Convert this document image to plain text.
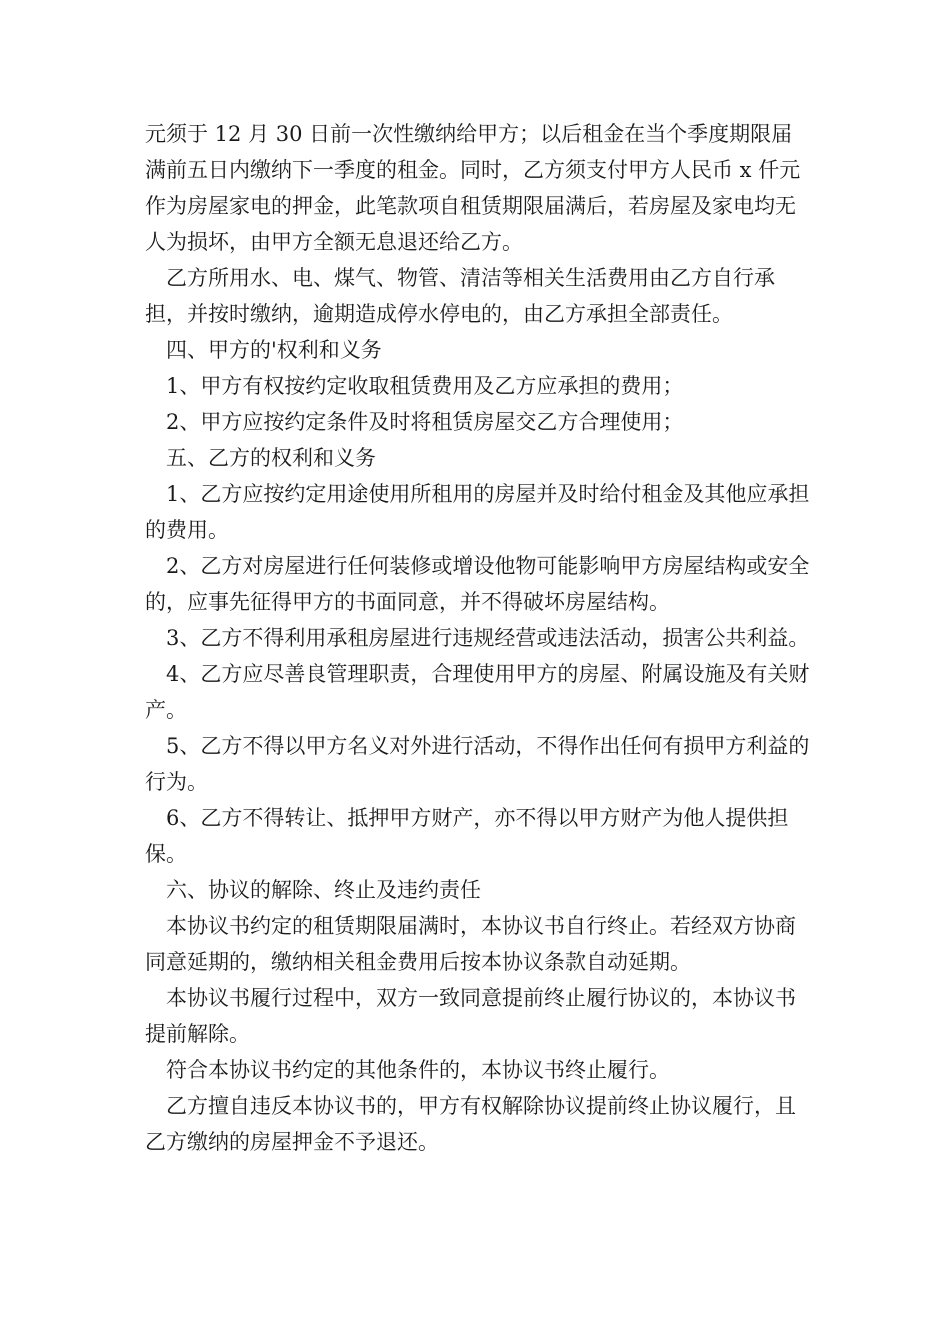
元须于 12 月 30 日前一次性缴纳给甲方；以后租金在当个季度期限届满前五日内缴纳下一季度的租金。同时，乙方须支付甲方人民币 x 仟元作为房屋家电的押金，此笔款项自租赁期限届满后，若房屋及家电均无人为损坏，由甲方全额无息退还给乙方。

乙方所用水、电、煤气、物管、清洁等相关生活费用由乙方自行承担，并按时缴纳，逾期造成停水停电的，由乙方承担全部责任。

四、甲方的'权利和义务

1、甲方有权按约定收取租赁费用及乙方应承担的费用；

2、甲方应按约定条件及时将租赁房屋交乙方合理使用；

五、乙方的权利和义务

1、乙方应按约定用途使用所租用的房屋并及时给付租金及其他应承担的费用。

2、乙方对房屋进行任何装修或增设他物可能影响甲方房屋结构或安全的，应事先征得甲方的书面同意，并不得破坏房屋结构。

3、乙方不得利用承租房屋进行违规经营或违法活动，损害公共利益。

4、乙方应尽善良管理职责，合理使用甲方的房屋、附属设施及有关财产。

5、乙方不得以甲方名义对外进行活动，不得作出任何有损甲方利益的行为。

6、乙方不得转让、抵押甲方财产，亦不得以甲方财产为他人提供担保。

六、协议的解除、终止及违约责任

本协议书约定的租赁期限届满时，本协议书自行终止。若经双方协商同意延期的，缴纳相关租金费用后按本协议条款自动延期。

本协议书履行过程中，双方一致同意提前终止履行协议的，本协议书提前解除。

符合本协议书约定的其他条件的，本协议书终止履行。

乙方擅自违反本协议书的，甲方有权解除协议提前终止协议履行，且乙方缴纳的房屋押金不予退还。
